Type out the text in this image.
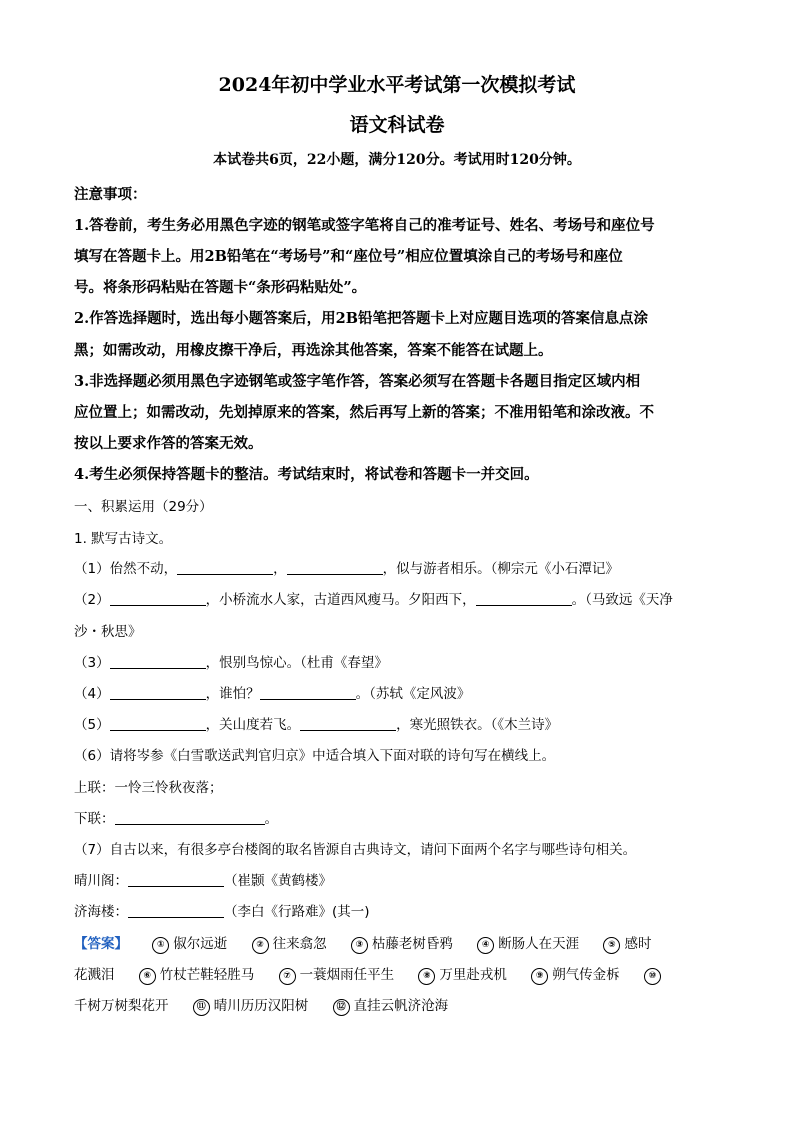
2024年初中学业水平考试第一次模拟考试
语文科试卷
本试卷共6页，22小题，满分120分。考试用时120分钟。
注意事项：
1.答卷前，考生务必用黑色字迹的钢笔或签字笔将自己的准考证号、姓名、考场号和座位号
填写在答题卡上。用2B铅笔在“考场号”和“座位号”相应位置填涂自己的考场号和座位
号。将条形码粘贴在答题卡“条形码粘贴处”。
2.作答选择题时，选出每小题答案后，用2B铅笔把答题卡上对应题目选项的答案信息点涂
黑；如需改动，用橡皮擦干净后，再选涂其他答案，答案不能答在试题上。
3.非选择题必须用黑色字迹钢笔或签字笔作答，答案必须写在答题卡各题目指定区域内相
应位置上；如需改动，先划掉原来的答案，然后再写上新的答案；不准用铅笔和涂改液。不
按以上要求作答的答案无效。
4.考生必须保持答题卡的整洁。考试结束时，将试卷和答题卡一并交回。
一、积累运用（29分）
1. 默写古诗文。
（1）佁然不动，	，	，似与游者相乐。（柳宗元《小石潭记》
（2）	，小桥流水人家，古道西风瘦马。夕阳西下，	。（马致远《天净
沙・秋思》
（3）	，恨别鸟惊心。（杜甫《春望》
（4）	，谁怕？	。（苏轼《定风波》
（5）	，关山度若飞。	，寒光照铁衣。（《木兰诗》
（6）请将岑参《白雪歌送武判官归京》中适合填入下面对联的诗句写在横线上。
上联：一怜三怜秋夜落；
下联：	。
（7）自古以来，有很多亭台楼阁的取名皆源自古典诗文，请问下面两个名字与哪些诗句相关。
晴川阁：	（崔颢《黄鹤楼》
济海楼：	（李白《行路难》(其一)
【答案】	① 俶尔远逝	② 往来翕忽	③ 枯藤老树昏鸦	④ 断肠人在天涯	⑤ 感时
花溅泪	⑥ 竹杖芒鞋轻胜马	⑦ 一蓑烟雨任平生	⑧ 万里赴戎机	⑨ 朔气传金柝	⑩
千树万树梨花开	⑪ 晴川历历汉阳树	⑫ 直挂云帆济沧海
